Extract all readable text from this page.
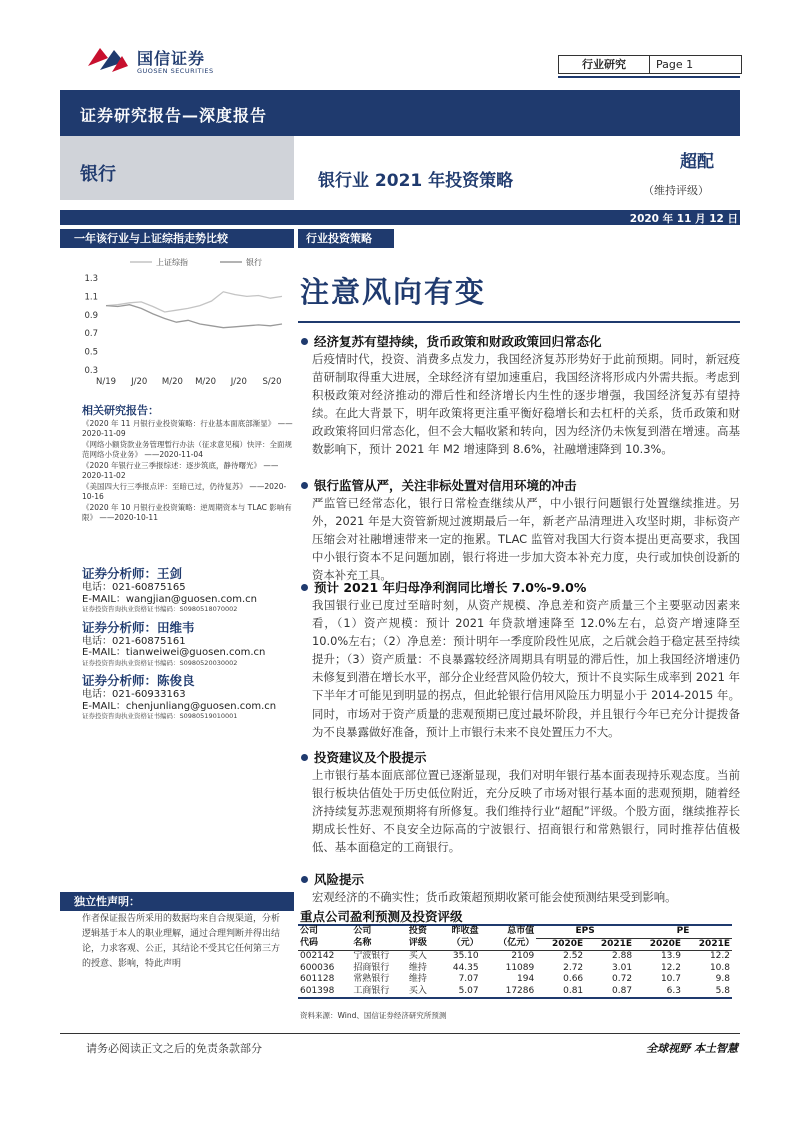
国信证券
GUOSEN SECURITIES	行业研究	Page 1
证券研究报告—深度报告
银行	银行业 2021 年投资策略
超配
（维持评级）
2020 年 11 月 12 日
一年该行业与上证综指走势比较	行业投资策略
上证综指	银行
1.3
1.1
0.9
0.7
0.5
0.3
N/19 J/20 M/20 M/20 J/20 S/20
相关研究报告：
《2020 年 11 月银行业投资策略：行业基本面底部渐显》 ——2020-11-09
《网络小额贷款业务管理暂行办法（征求意见稿）快评：全面规范网络小贷业务》 ——2020-11-04
《2020 年银行业三季报综述：逐步筑底，静待曙光》 ——2020-11-02
《美国四大行三季报点评：至暗已过，仍待复苏》 ——2020-10-16
《2020 年 10 月银行业投资策略：逆周期资本与 TLAC 影响有限》 ——2020-10-11
证券分析师：王剑
电话：021-60875165
E-MAIL：wangjian@guosen.com.cn
证券投资咨询执业资格证书编码：S0980518070002
证券分析师：田维韦
电话：021-60875161
E-MAIL：tianweiwei@guosen.com.cn
证券投资咨询执业资格证书编码：S0980520030002
证券分析师：陈俊良
电话：021-60933163
E-MAIL：chenjunliang@guosen.com.cn
证券投资咨询执业资格证书编码：S0980519010001
独立性声明：
作者保证报告所采用的数据均来自合规渠道，分析逻辑基于本人的职业理解，通过合理判断并得出结论，力求客观、公正，其结论不受其它任何第三方的授意、影响，特此声明
注意风向有变
经济复苏有望持续，货币政策和财政政策回归常态化
后疫情时代，投资、消费多点发力，我国经济复苏形势好于此前预期。同时，新冠疫苗研制取得重大进展，全球经济有望加速重启，我国经济将形成内外需共振。考虑到积极政策对经济推动的滞后性和经济增长内生性的逐步增强，我国经济复苏有望持续。在此大背景下，明年政策将更注重平衡好稳增长和去杠杆的关系，货币政策和财政政策将回归常态化，但不会大幅收紧和转向，因为经济仍未恢复到潜在增速。高基数影响下，预计 2021 年 M2 增速降到 8.6%，社融增速降到 10.3%。
银行监管从严，关注非标处置对信用环境的冲击
严监管已经常态化，银行日常检查继续从严，中小银行问题银行处置继续推进。另外，2021 年是大资管新规过渡期最后一年，新老产品清理进入攻坚时期，非标资产压缩会对社融增速带来一定的拖累。TLAC 监管对我国大行资本提出更高要求，我国中小银行资本不足问题加剧，银行将进一步加大资本补充力度，央行或加快创设新的资本补充工具。
预计 2021 年归母净利润同比增长 7.0%-9.0%
我国银行业已度过至暗时刻，从资产规模、净息差和资产质量三个主要驱动因素来看，（1）资产规模：预计 2021 年贷款增速降至 12.0%左右，总资产增速降至 10.0%左右；（2）净息差：预计明年一季度阶段性见底，之后就会趋于稳定甚至持续提升；（3）资产质量：不良暴露较经济周期具有明显的滞后性，加上我国经济增速仍未修复到潜在增长水平，部分企业经营风险仍较大，预计不良实际生成率到 2021 年下半年才可能见到明显的拐点，但此轮银行信用风险压力明显小于 2014-2015 年。同时，市场对于资产质量的悲观预期已度过最坏阶段，并且银行今年已充分计提拨备为不良暴露做好准备，预计上市银行未来不良处置压力不大。
投资建议及个股提示
上市银行基本面底部位置已逐渐显现，我们对明年银行基本面表现持乐观态度。当前银行板块估值处于历史低位附近，充分反映了市场对银行基本面的悲观预期，随着经济持续复苏悲观预期将有所修复。我们维持行业“超配”评级。个股方面，继续推荐长期成长性好、不良安全边际高的宁波银行、招商银行和常熟银行，同时推荐估值极低、基本面稳定的工商银行。
风险提示
宏观经济的不确实性；货币政策超预期收紧可能会使预测结果受到影响。
重点公司盈利预测及投资评级
公司	公司	投资	昨收盘	总市值	EPS		PE	
代码	名称	评级	（元）	（亿元）	2020E	2021E	2020E	2021E
002142	宁波银行	买入	35.10	2109	2.52	2.88	13.9	12.2
600036	招商银行	维持	44.35	11089	2.72	3.01	12.2	10.8
601128	常熟银行	维持	7.07	194	0.66	0.72	10.7	9.8
601398	工商银行	买入	5.07	17286	0.81	0.87	6.3	5.8
资料来源：Wind、国信证券经济研究所预测
请务必阅读正文之后的免责条款部分	全球视野 本土智慧
